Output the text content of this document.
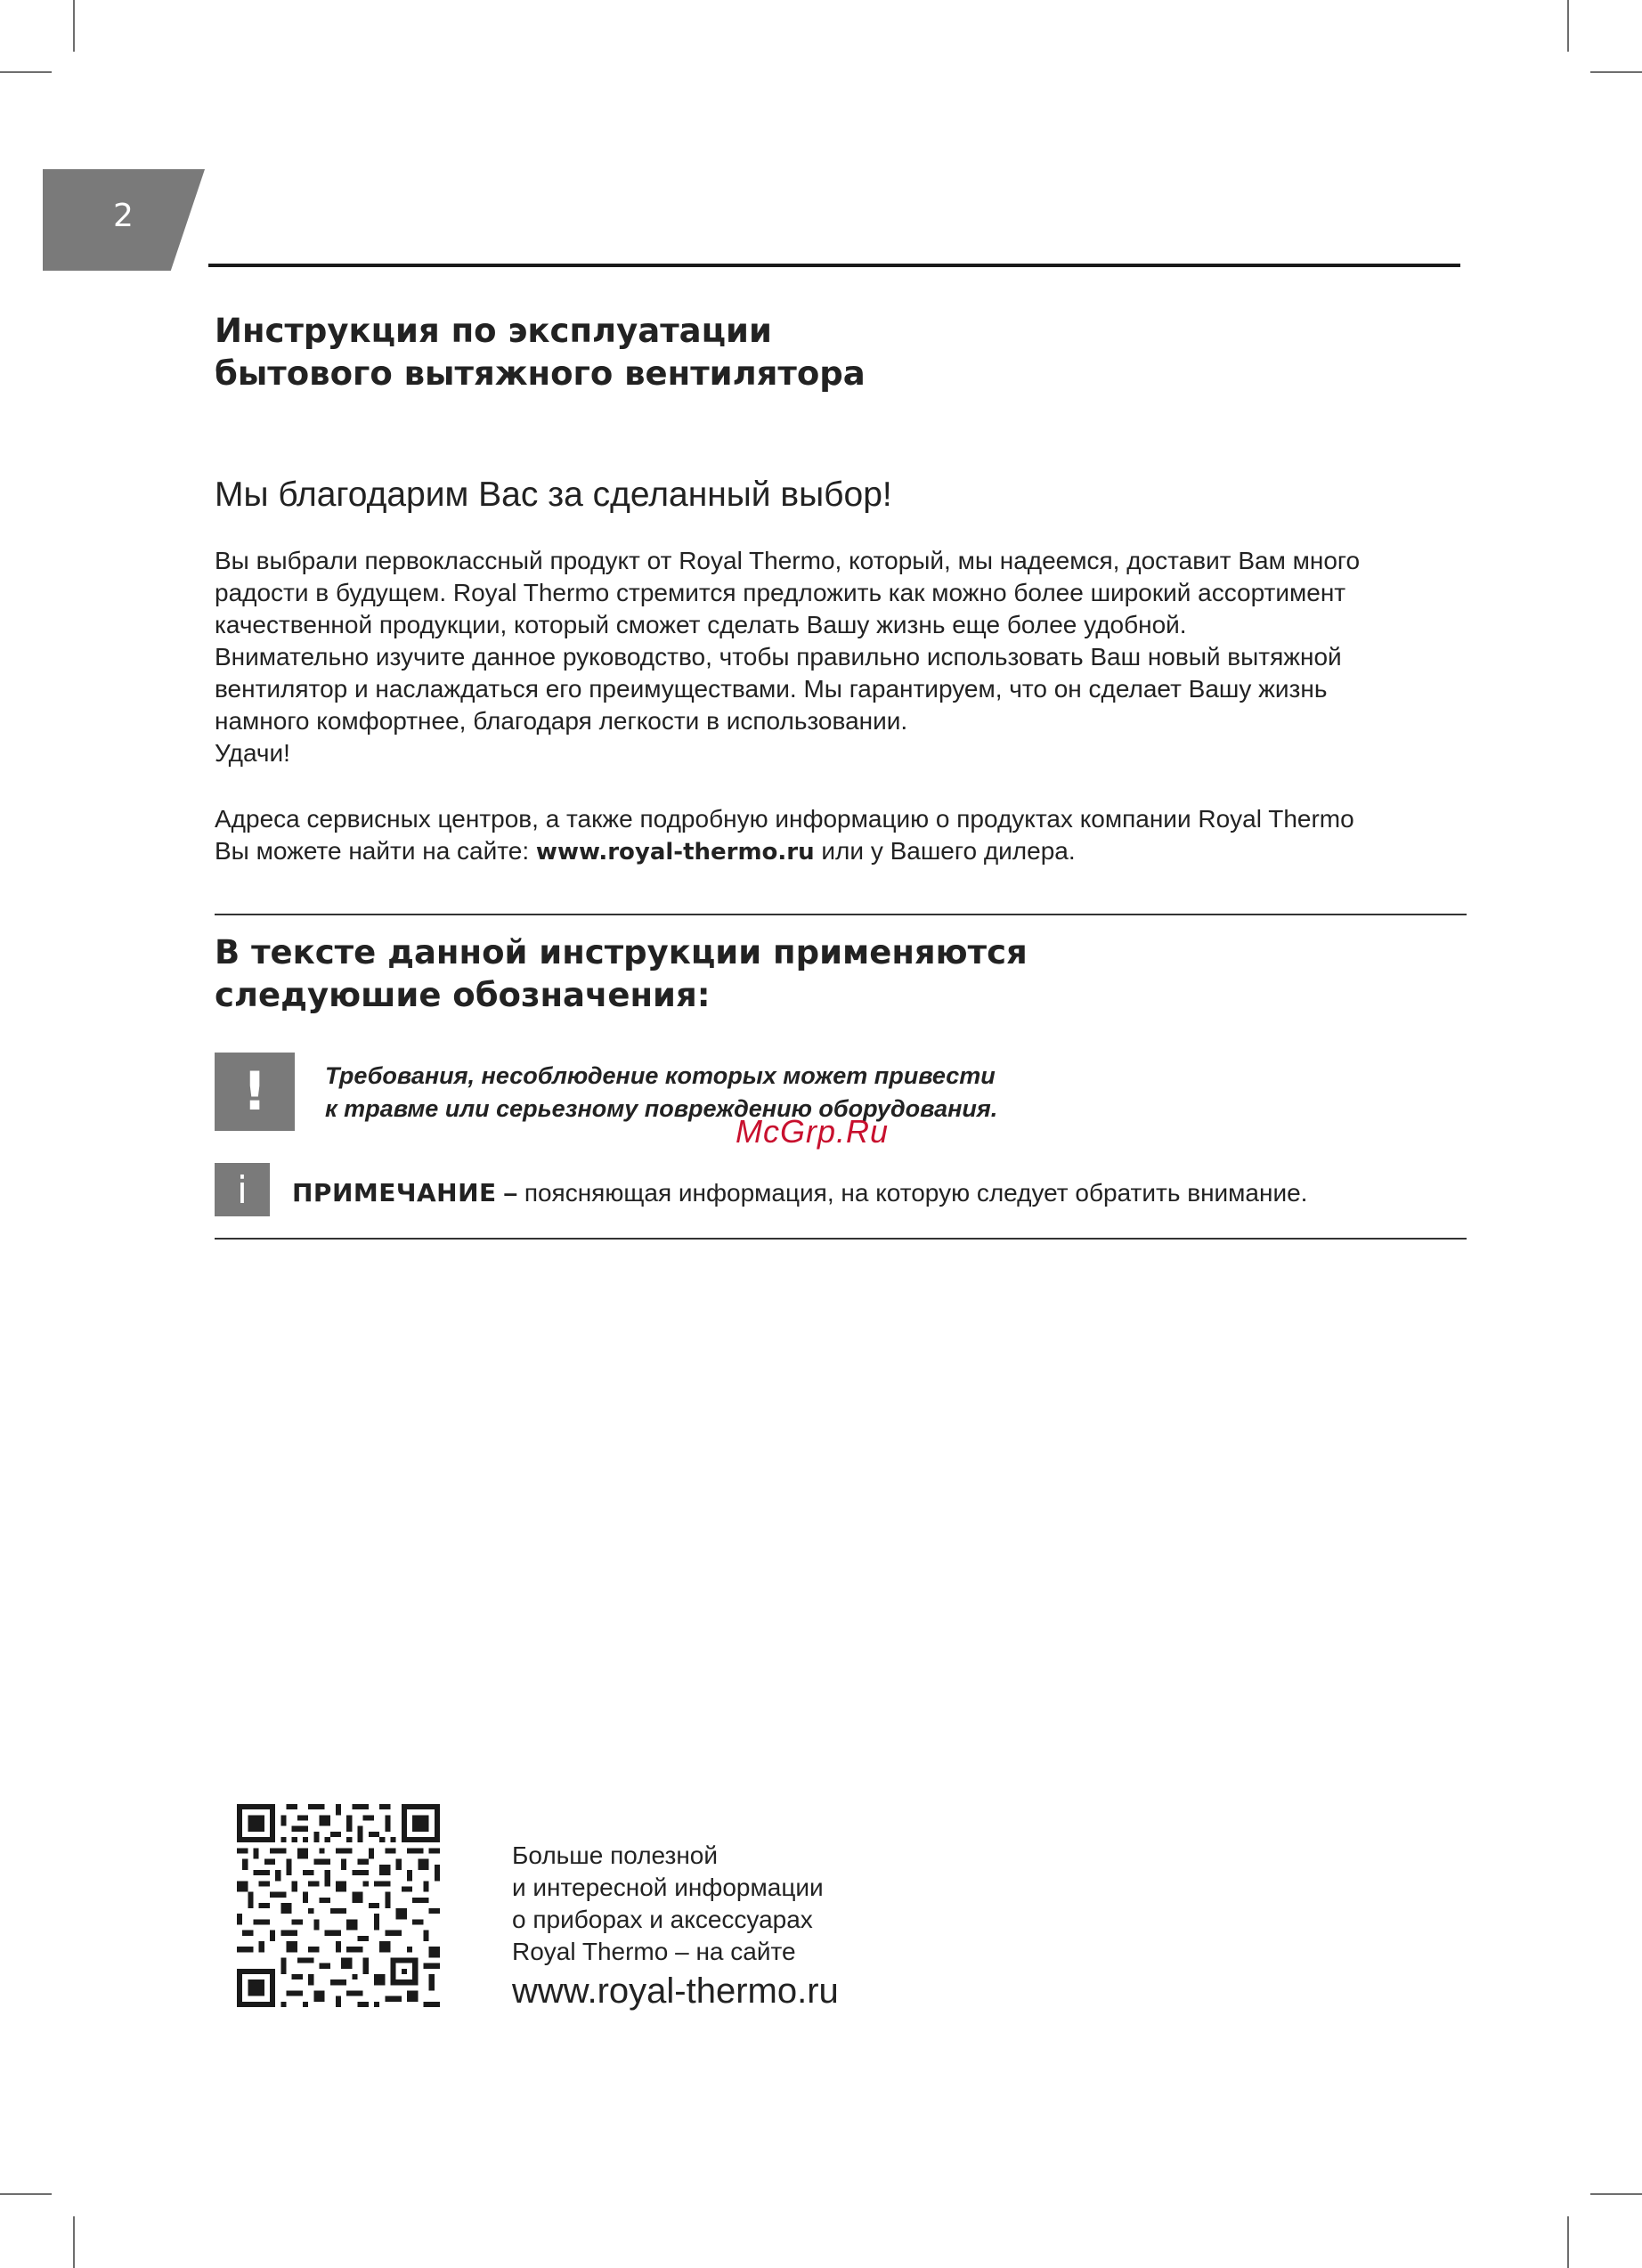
2
Инструкция по эксплуатации
бытового вытяжного вентилятора

Мы благодарим Вас за сделанный выбор!

Вы выбрали первоклассный продукт от Royal Thermo, который, мы надеемся, доставит Вам много
радости в будущем. Royal Thermo стремится предложить как можно более широкий ассортимент
качественной продукции, который сможет сделать Вашу жизнь еще более удобной.
Внимательно изучите данное руководство, чтобы правильно использовать Ваш новый вытяжной
вентилятор и наслаждаться его преимуществами. Мы гарантируем, что он сделает Вашу жизнь
намного комфортнее, благодаря легкости в использовании.
Удачи!

Адреса сервисных центров, а также подробную информацию о продуктах компании Royal Thermo
Вы можете найти на сайте: www.royal-thermo.ru или у Вашего дилера.

В тексте данной инструкции применяются
следуюшие обозначения:
!	Требования, несоблюдение которых может привести
к травме или серьезному повреждению оборудования.

McGrp.Ru
i	ПРИМЕЧАНИЕ – поясняющая информация, на которую следует обратить внимание.

Больше полезной
и интересной информации
о приборах и аксессуарах
Royal Thermo – на сайте

www.royal-thermo.ru
